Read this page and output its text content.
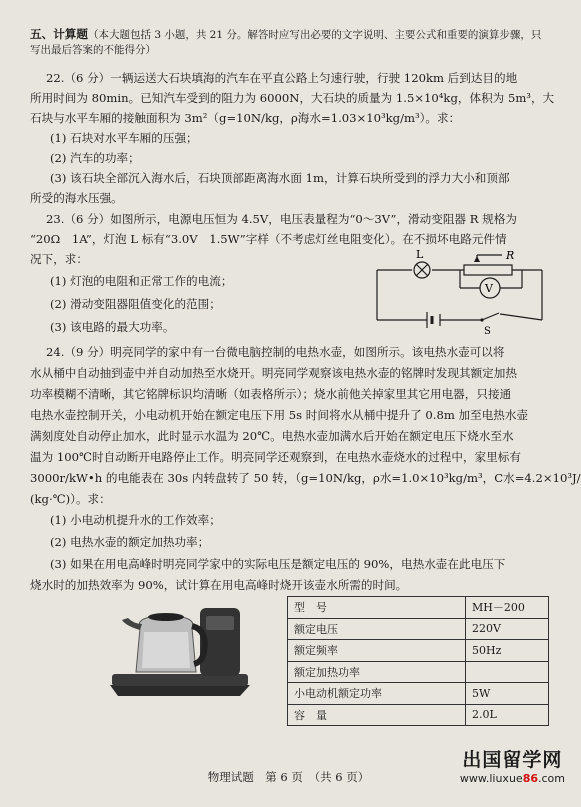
五、计算题（本大题包括 3 小题，共 21 分。解答时应写出必要的文字说明、主要公式和重要的演算步骤，只写出最后答案的不能得分）
22.（6 分）一辆运送大石块填海的汽车在平直公路上匀速行驶，行驶 120km 后到达目的地
所用时间为 80min。已知汽车受到的阻力为 6000N，大石块的质量为 1.5×10⁴kg，体积为 5m³，大
石块与水平车厢的接触面积为 3m²（g=10N/kg，ρ海水=1.03×10³kg/m³）。求：
(1) 石块对水平车厢的压强；
(2) 汽车的功率；
(3) 该石块全部沉入海水后，石块顶部距离海水面 1m，计算石块所受到的浮力大小和顶部
所受的海水压强。
23.（6 分）如图所示，电源电压恒为 4.5V，电压表量程为“0～3V”，滑动变阻器 R 规格为
“20Ω　1A”，灯泡 L 标有“3.0V　1.5W”字样（不考虑灯丝电阻变化）。在不损坏电路元件情
况下，求：
(1) 灯泡的电阻和正常工作的电流；
(2) 滑动变阻器阻值变化的范围；
(3) 该电路的最大功率。
L	R
V
S
24.（9 分）明亮同学的家中有一台微电脑控制的电热水壶，如图所示。该电热水壶可以将
水从桶中自动抽到壶中并自动加热至水烧开。明亮同学观察该电热水壶的铭牌时发现其额定加热
功率模糊不清晰，其它铭牌标识均清晰（如表格所示）；烧水前他关掉家里其它用电器，只接通
电热水壶控制开关，小电动机开始在额定电压下用 5s 时间将水从桶中提升了 0.8m 加至电热水壶
满刻度处自动停止加水，此时显示水温为 20℃。电热水壶加满水后开始在额定电压下烧水至水
温为 100℃时自动断开电路停止工作。明亮同学还观察到，在电热水壶烧水的过程中，家里标有
3000r/kW•h 的电能表在 30s 内转盘转了 50 转，（g=10N/kg，ρ水=1.0×10³kg/m³，C水=4.2×10³J/
(kg·℃)）。求：
(1) 小电动机提升水的工作效率；
(2) 电热水壶的额定加热功率；
(3) 如果在用电高峰时明亮同学家中的实际电压是额定电压的 90%，电热水壶在此电压下
烧水时的加热效率为 90%，试计算在用电高峰时烧开该壶水所需的时间。
型　号	MH－200
额定电压	220V
额定频率	50Hz
额定加热功率	
小电动机额定功率	5W
容　量	2.0L
物理试题　第 6 页　（共 6 页）
出国留学网
www.liuxue86.com
